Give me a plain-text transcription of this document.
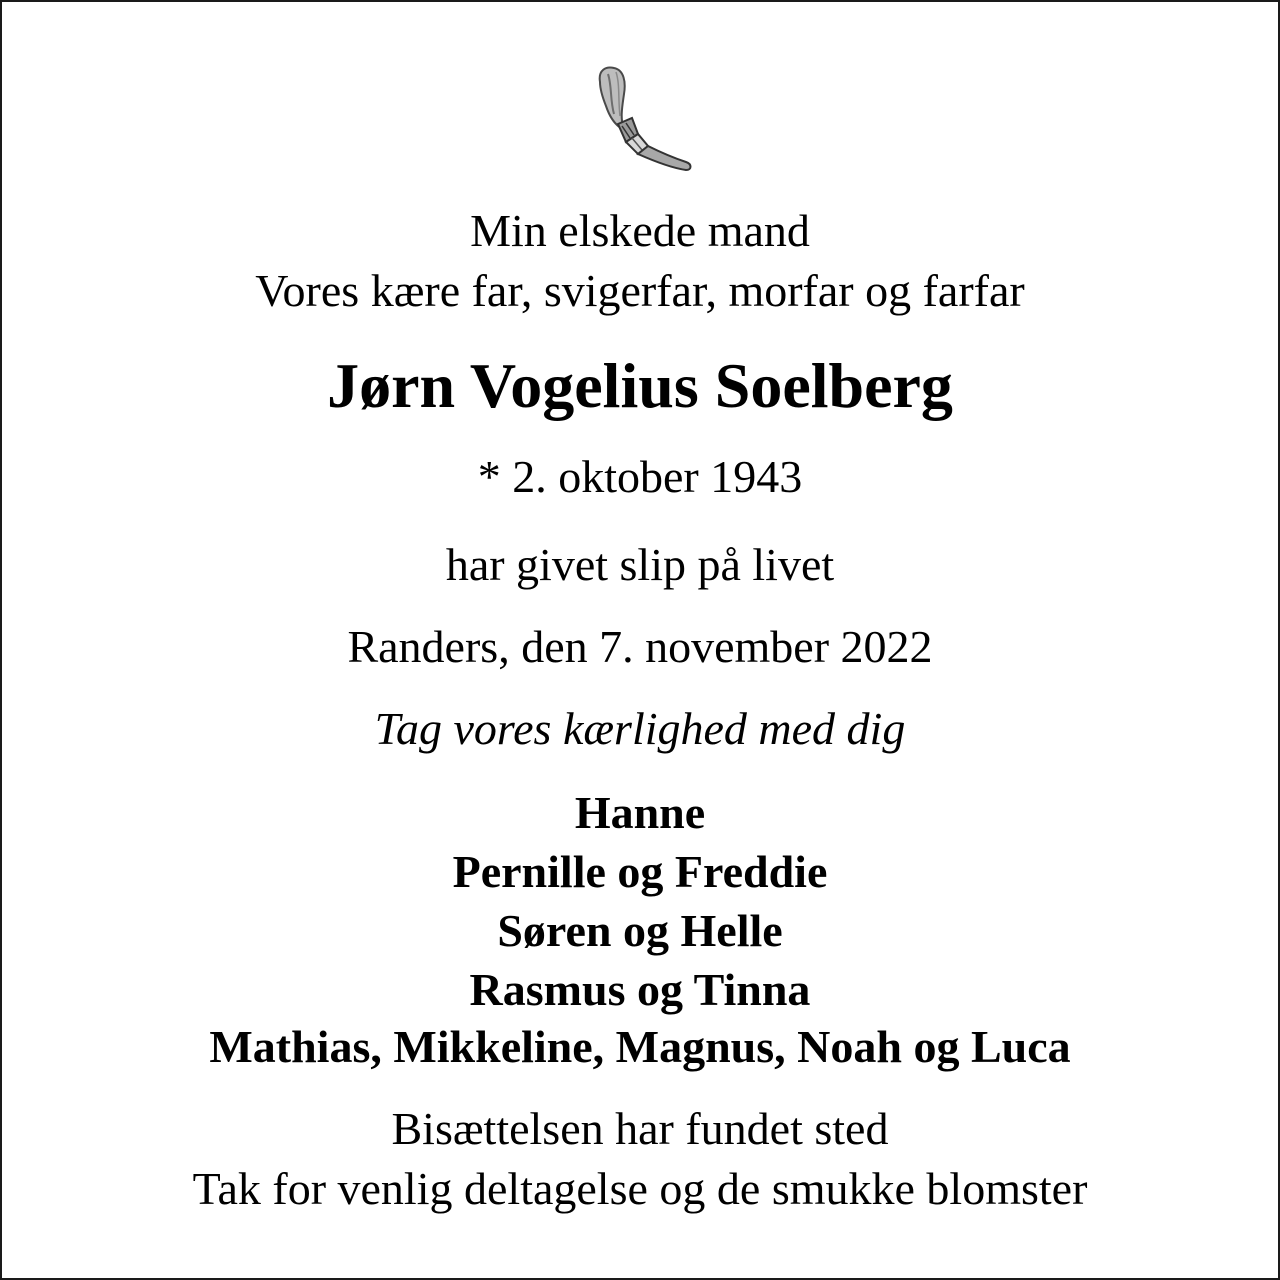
Min elskede mand
Vores kære far, svigerfar, morfar og farfar
Jørn Vogelius Soelberg
* 2. oktober 1943
har givet slip på livet
Randers, den 7. november 2022
Tag vores kærlighed med dig
Hanne
Pernille og Freddie
Søren og Helle
Rasmus og Tinna
Mathias, Mikkeline, Magnus, Noah og Luca
Bisættelsen har fundet sted
Tak for venlig deltagelse og de smukke blomster
